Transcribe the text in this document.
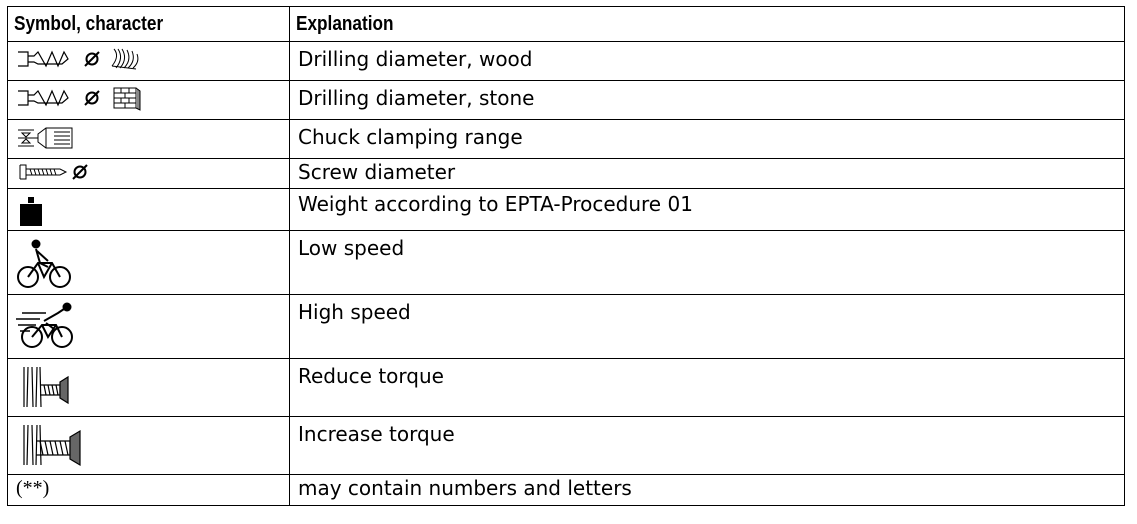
Symbol, character	Explanation

	Drilling diameter, wood

	Drilling diameter, stone

	Chuck clamping range

	Screw diameter

	Weight according to EPTA-Procedure 01

	Low speed

	High speed

	Reduce torque

	Increase torque
(**)	may contain numbers and letters
